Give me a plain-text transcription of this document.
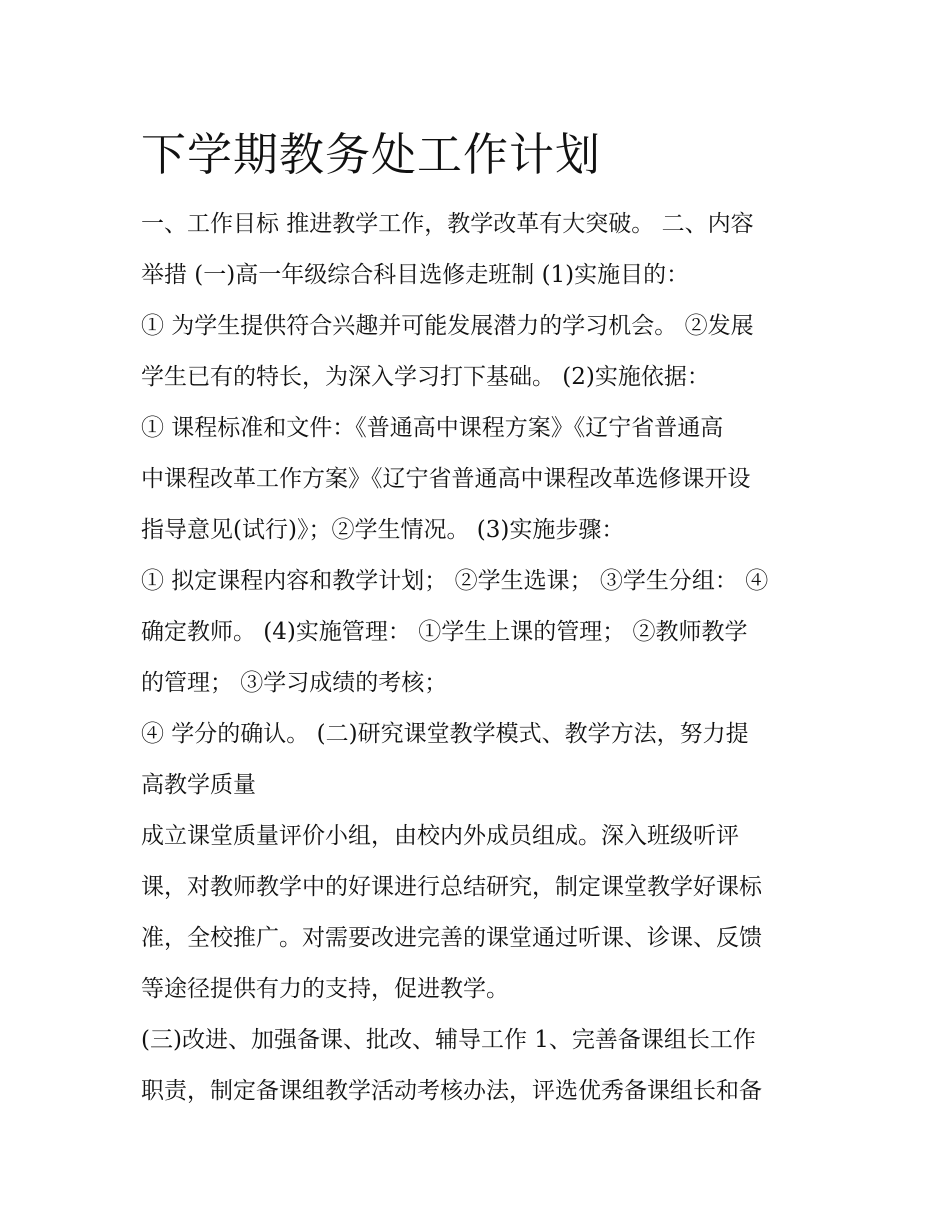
下学期教务处工作计划
一、工作目标 推进教学工作，教学改革有大突破。 二、内容
举措 (一)高一年级综合科目选修走班制 (1)实施目的：
① 为学生提供符合兴趣并可能发展潜力的学习机会。 ②发展
学生已有的特长，为深入学习打下基础。 (2)实施依据：
① 课程标准和文件：《普通高中课程方案》《辽宁省普通高
中课程改革工作方案》《辽宁省普通高中课程改革选修课开设
指导意见(试行)》；②学生情况。 (3)实施步骤：
① 拟定课程内容和教学计划； ②学生选课； ③学生分组： ④
确定教师。 (4)实施管理： ①学生上课的管理； ②教师教学
的管理； ③学习成绩的考核；
④ 学分的确认。 (二)研究课堂教学模式、教学方法，努力提
高教学质量
成立课堂质量评价小组，由校内外成员组成。深入班级听评
课，对教师教学中的好课进行总结研究，制定课堂教学好课标
准，全校推广。对需要改进完善的课堂通过听课、诊课、反馈
等途径提供有力的支持，促进教学。
(三)改进、加强备课、批改、辅导工作 1、完善备课组长工作
职责，制定备课组教学活动考核办法，评选优秀备课组长和备
